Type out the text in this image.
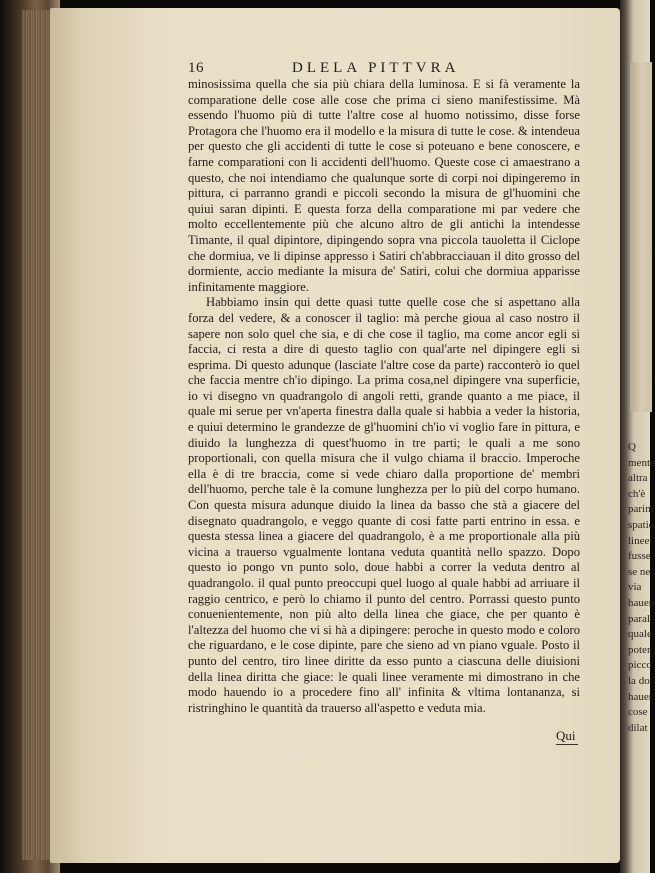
Q
mente
altra
ch'è
parim
spatio
linee
fusse
se ne
via
hauen
paral
quale
poter
picco
la do
hauer
cose
dilat
16	DLELA PITTVRA

minosissima quella che sia più chiara della luminosa. E si fà veramente la comparatione delle cose alle cose che prima ci sieno manifestissime. Mà essendo l'huomo più di tutte l'altre cose al huomo notissimo, disse forse Protagora che l'huomo era il modello e la misura di tutte le cose. & intendeua per questo che gli accidenti di tutte le cose si poteuano e bene conoscere, e farne comparationi con li accidenti dell'huomo. Queste cose ci amaestrano a questo, che noi intendiamo che qualunque sorte di corpi noi dipingeremo in pittura, ci parranno grandi e piccoli secondo la misura de gl'huomini che quiui saran dipinti. E questa forza della comparatione mi par vedere che molto eccellentemente più che alcuno altro de gli antichi la intendesse Timante, il qual dipintore, dipingendo sopra vna piccola tauoletta il Ciclope che dormiua, ve li dipinse appresso i Satiri ch'abbracciauan il dito grosso del dormiente, accio mediante la misura de' Satiri, colui che dormiua apparisse infinitamente maggiore.

Habbiamo insin qui dette quasi tutte quelle cose che si aspettano alla forza del vedere, & a conoscer il taglio: mà perche gioua al caso nostro il sapere non solo quel che sia, e di che cose il taglio, ma come ancor egli si faccia, ci resta a dire di questo taglio con qual'arte nel dipingere egli si esprima. Di questo adunque (lasciate l'altre cose da parte) racconterò io quel che faccia mentre ch'io dipingo. La prima cosa,nel dipingere vna superficie, io vi disegno vn quadrangolo di angoli retti, grande quanto a me piace, il quale mi serue per vn'aperta finestra dalla quale si habbia a veder la historia, e quiui determino le grandezze de gl'huomini ch'io vi voglio fare in pittura, e diuido la lunghezza di quest'huomo in tre parti; le quali a me sono proportionali, con quella misura che il vulgo chiama il braccio. Imperoche ella è di tre braccia, come si vede chiaro dalla proportione de' membri dell'huomo, perche tale è la comune lunghezza per lo più del corpo humano. Con questa misura adunque diuido la linea da basso che stà a giacere del disegnato quadrangolo, e veggo quante di cosi fatte parti entrino in essa. e questa stessa linea a giacere del quadrangolo, è a me proportionale alla più vicina a trauerso vgualmente lontana veduta quantità nello spazzo. Dopo questo io pongo vn punto solo, doue habbi a correr la veduta dentro al quadrangolo. il qual punto preoccupi quel luogo al quale habbi ad arriuare il raggio centrico, e però lo chiamo il punto del centro. Porrassi questo punto conuenientemente, non più alto della linea che giace, che per quanto è l'altezza del huomo che vi si hà a dipingere: peroche in questo modo e coloro che riguardano, e le cose dipinte, pare che sieno ad vn piano vguale. Posto il punto del centro, tiro linee diritte da esso punto a ciascuna delle diuisioni della linea diritta che giace: le quali linee veramente mi dimostrano in che modo hauendo io a procedere fino all' infinita & vltima lontananza, si ristringhino le quantità da trauerso all'aspetto e veduta mia.

Qui
